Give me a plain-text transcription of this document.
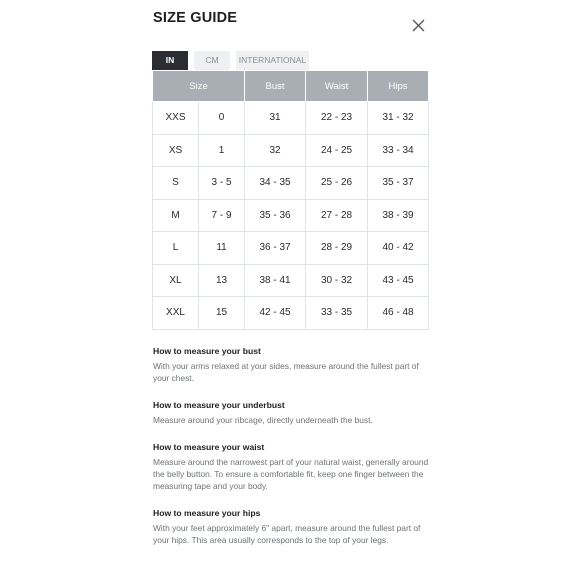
SIZE GUIDE
IN	CM	INTERNATIONAL
Size		Bust	Waist	Hips
XXS	0	31	22 - 23	31 - 32
XS	1	32	24 - 25	33 - 34
S	3 - 5	34 - 35	25 - 26	35 - 37
M	7 - 9	35 - 36	27 - 28	38 - 39
L	11	36 - 37	28 - 29	40 - 42
XL	13	38 - 41	30 - 32	43 - 45
XXL	15	42 - 45	33 - 35	46 - 48
How to measure your bust

With your arms relaxed at your sides, measure around the fullest part of your chest.

How to measure your underbust

Measure around your ribcage, directly underneath the bust.

How to measure your waist

Measure around the narrowest part of your natural waist, generally around the belly button. To ensure a comfortable fit, keep one finger between the measuring tape and your body.

How to measure your hips

With your feet approximately 6" apart, measure around the fullest part of your hips. This area usually corresponds to the top of your legs.
